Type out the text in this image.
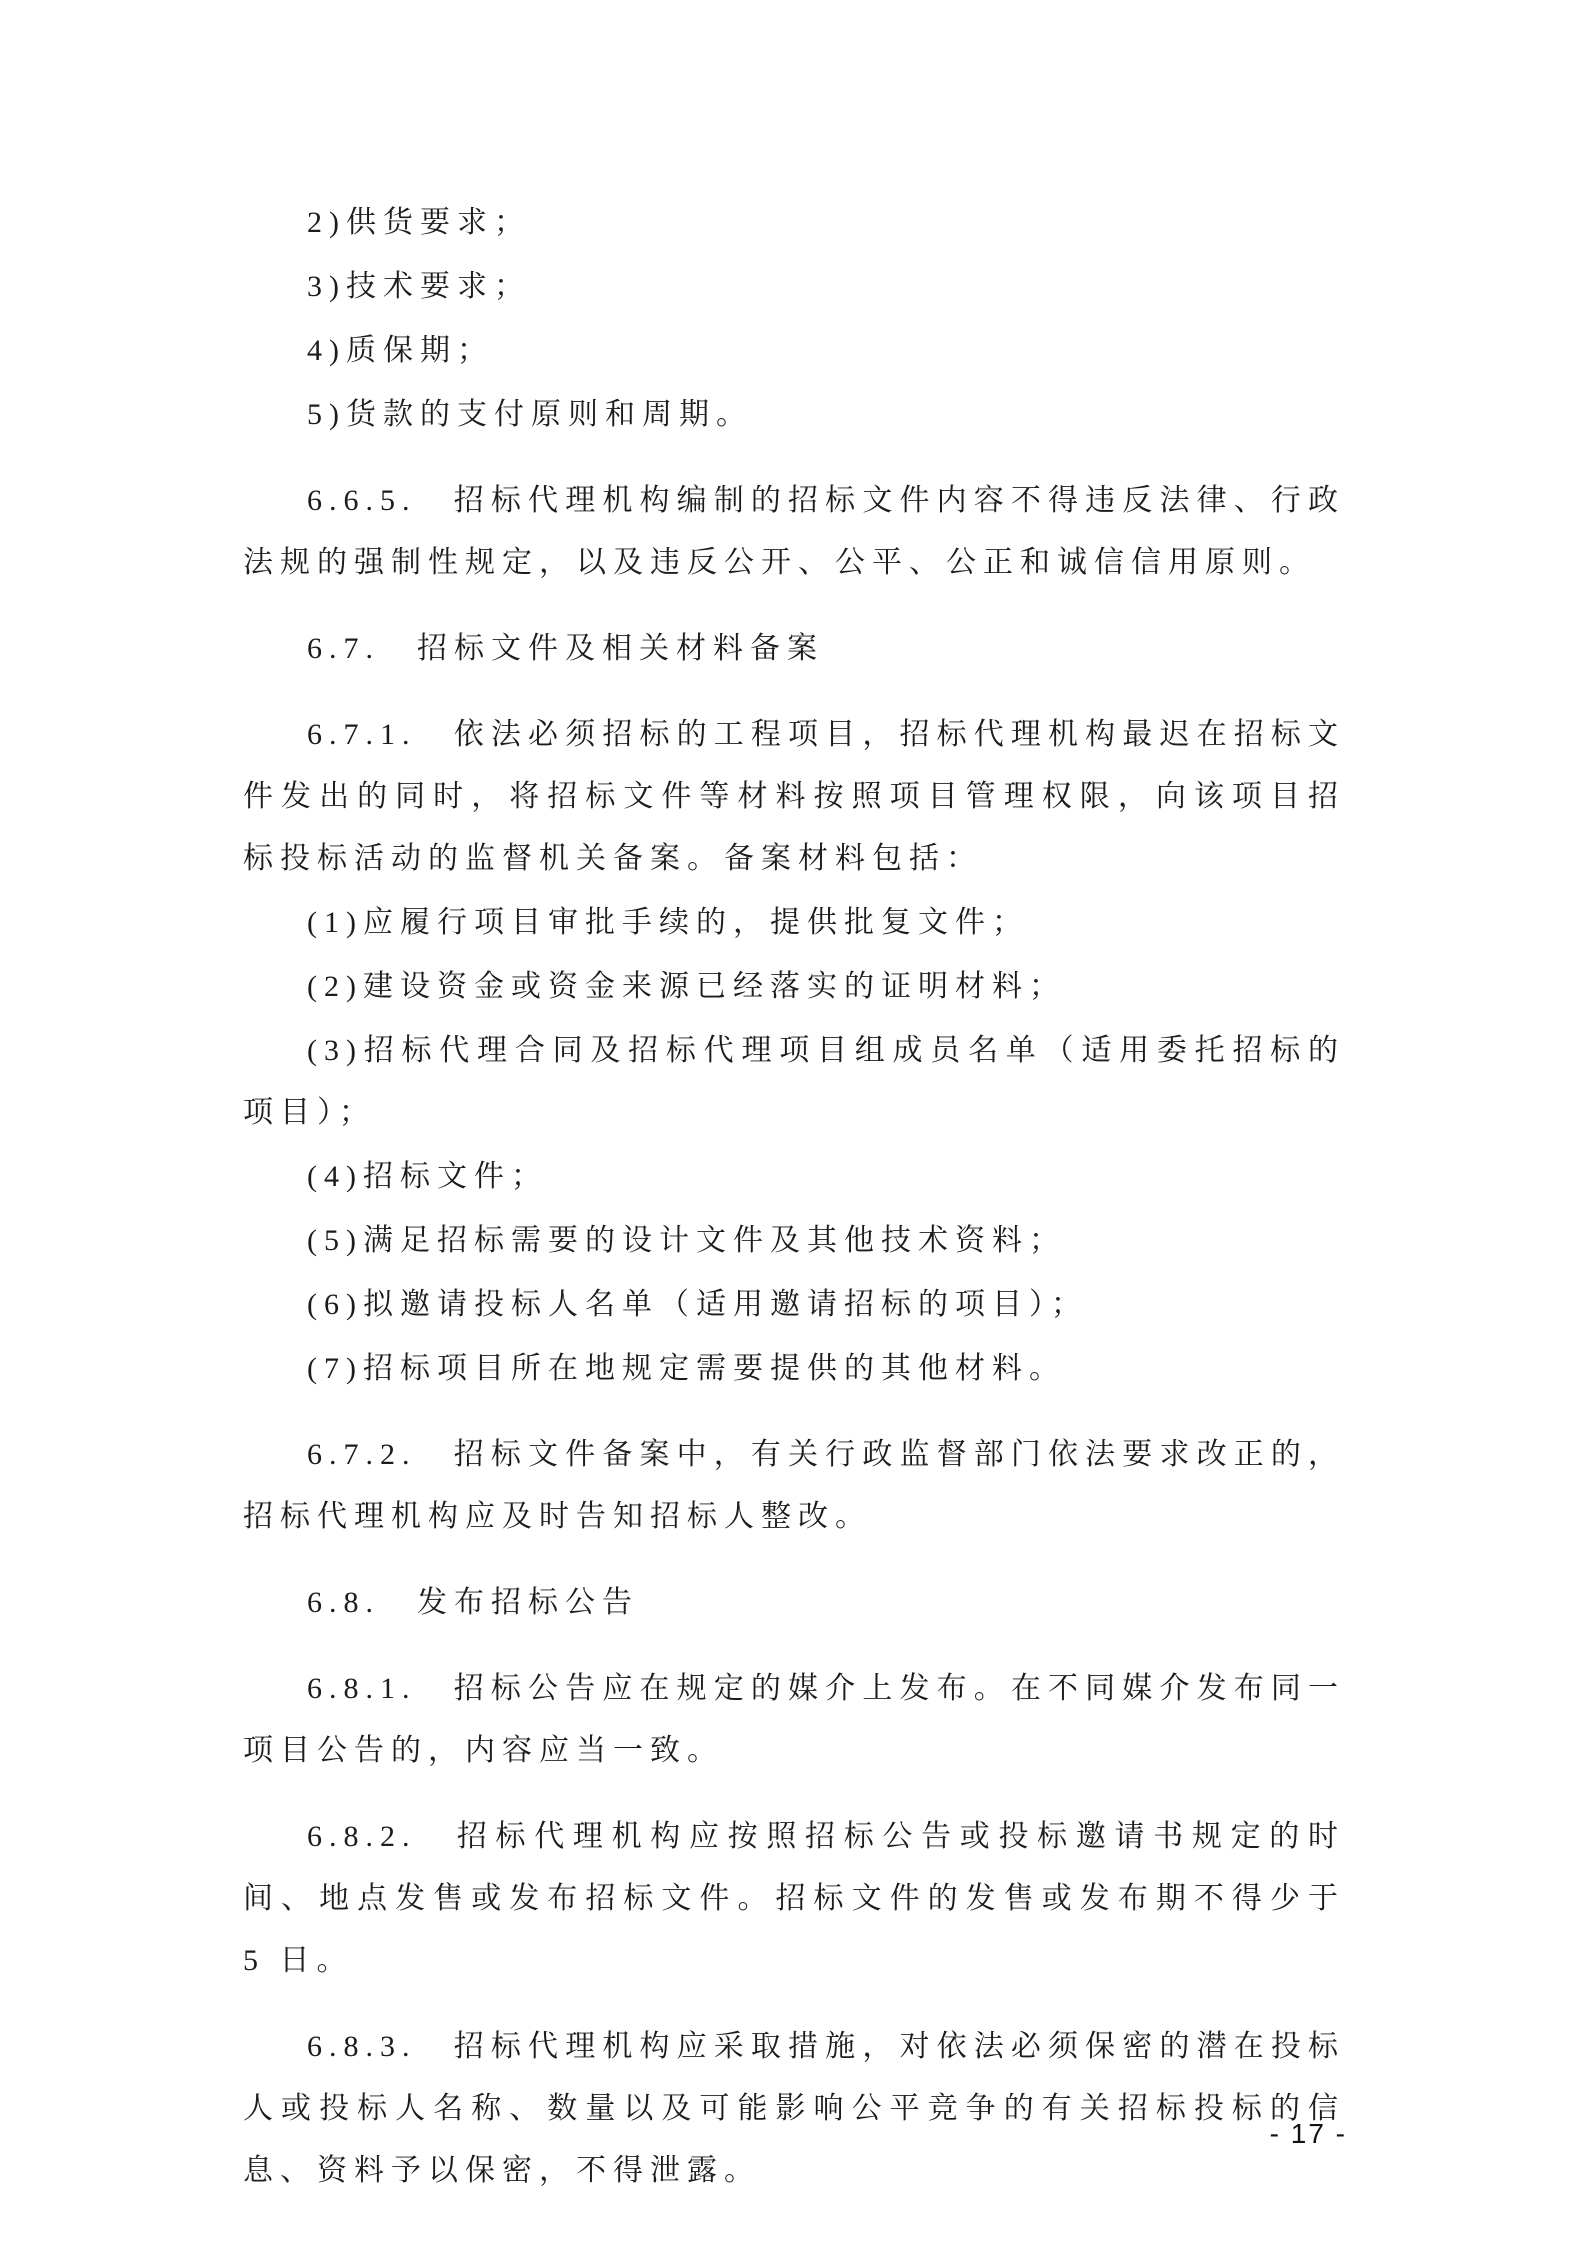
2)供货要求；

3)技术要求；

4)质保期；

5)货款的支付原则和周期。

6.6.5.　招标代理机构编制的招标文件内容不得违反法律、行政法规的强制性规定，以及违反公开、公平、公正和诚信信用原则。

6.7.　招标文件及相关材料备案

6.7.1.　依法必须招标的工程项目，招标代理机构最迟在招标文件发出的同时，将招标文件等材料按照项目管理权限，向该项目招标投标活动的监督机关备案。备案材料包括：

(1)应履行项目审批手续的，提供批复文件；

(2)建设资金或资金来源已经落实的证明材料；

(3)招标代理合同及招标代理项目组成员名单（适用委托招标的项目）；

(4)招标文件；

(5)满足招标需要的设计文件及其他技术资料；

(6)拟邀请投标人名单（适用邀请招标的项目）；

(7)招标项目所在地规定需要提供的其他材料。

6.7.2.　招标文件备案中，有关行政监督部门依法要求改正的，招标代理机构应及时告知招标人整改。

6.8.　发布招标公告

6.8.1.　招标公告应在规定的媒介上发布。在不同媒介发布同一项目公告的，内容应当一致。

6.8.2.　招标代理机构应按照招标公告或投标邀请书规定的时间、地点发售或发布招标文件。招标文件的发售或发布期不得少于 5 日。

6.8.3.　招标代理机构应采取措施，对依法必须保密的潜在投标人或投标人名称、数量以及可能影响公平竞争的有关招标投标的信息、资料予以保密，不得泄露。

- 17 -
